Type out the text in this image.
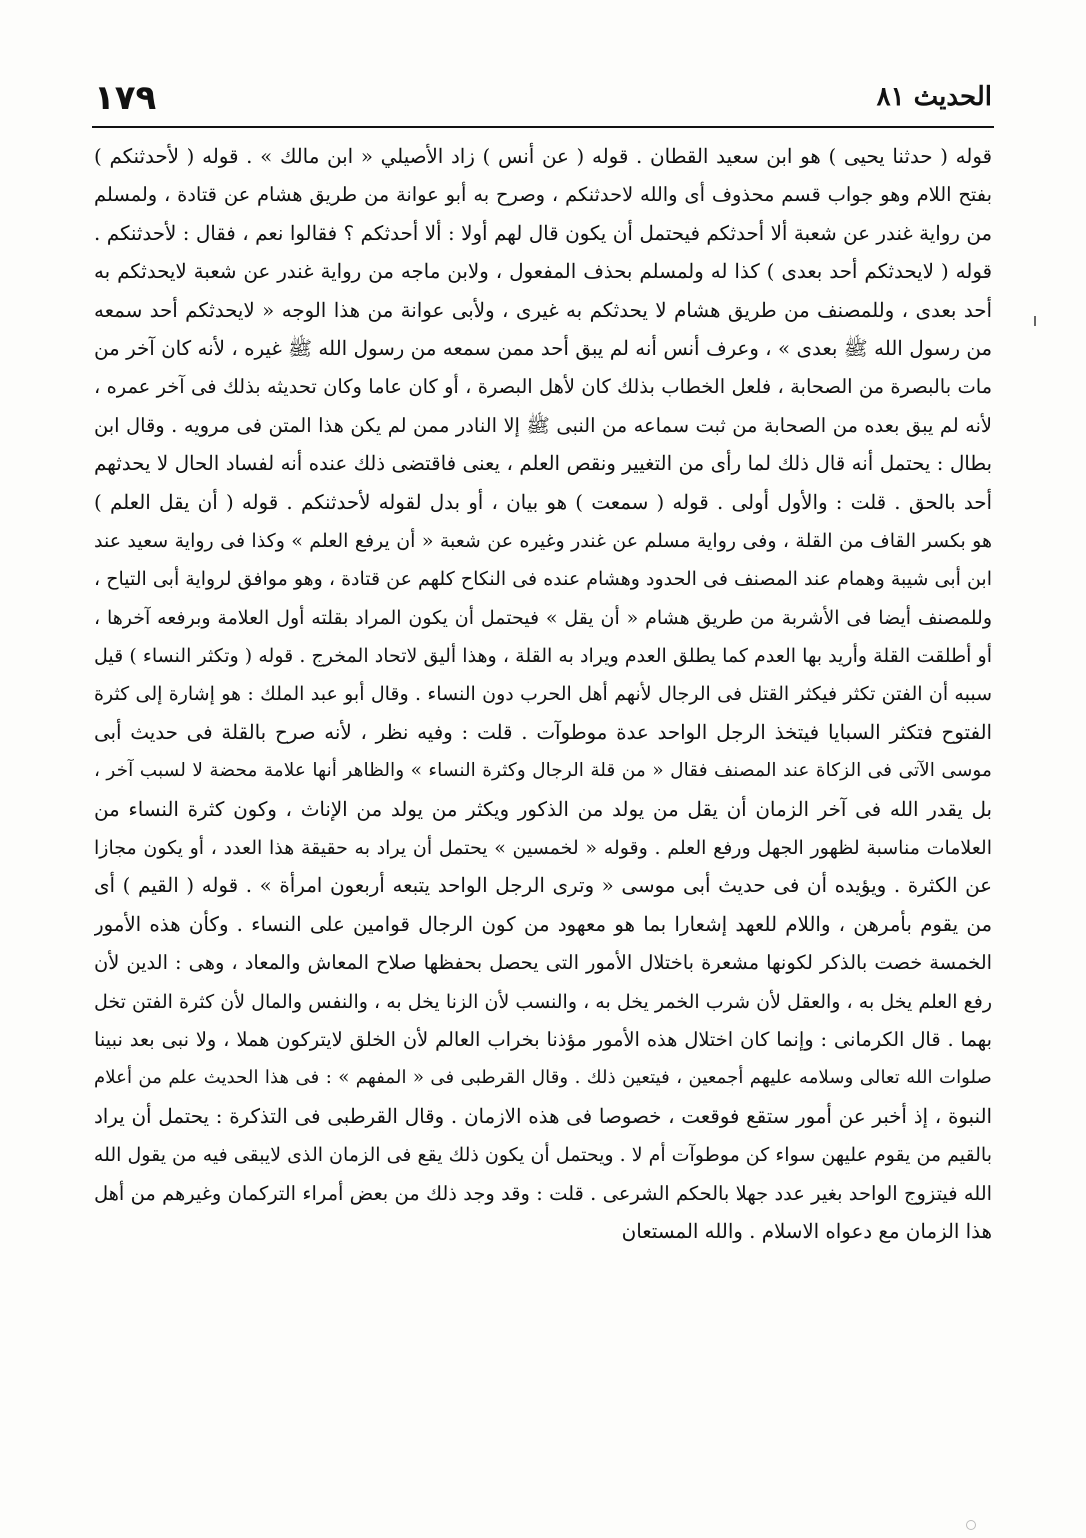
الحديث ٨١
١٧٩
قوله ( حدثنا يحيى ) هو ابن سعيد القطان . قوله ( عن أنس ) زاد الأصيلي « ابن مالك » . قوله ( لأحدثنكم )
بفتح اللام وهو جواب قسم محذوف أى والله لاحدثنكم ، وصرح به أبو عوانة من طريق هشام عن قتادة ، ولمسلم
من رواية غندر عن شعبة ألا أحدثكم فيحتمل أن يكون قال لهم أولا : ألا أحدثكم ؟ فقالوا نعم ، فقال : لأحدثنكم .
قوله ( لايحدثكم أحد بعدى ) كذا له ولمسلم بحذف المفعول ، ولابن ماجه من رواية غندر عن شعبة لايحدثكم به
أحد بعدى ، وللمصنف من طريق هشام لا يحدثكم به غيرى ، ولأبى عوانة من هذا الوجه « لايحدثكم أحد سمعه
من رسول الله ﷺ بعدى » ، وعرف أنس أنه لم يبق أحد ممن سمعه من رسول الله ﷺ غيره ، لأنه كان آخر من
مات بالبصرة من الصحابة ، فلعل الخطاب بذلك كان لأهل البصرة ، أو كان عاما وكان تحديثه بذلك فى آخر عمره ،
لأنه لم يبق بعده من الصحابة من ثبت سماعه من النبى ﷺ إلا النادر ممن لم يكن هذا المتن فى مرويه . وقال ابن
بطال : يحتمل أنه قال ذلك لما رأى من التغيير ونقص العلم ، يعنى فاقتضى ذلك عنده أنه لفساد الحال لا يحدثهم
أحد بالحق . قلت : والأول أولى . قوله ( سمعت ) هو بيان ، أو بدل لقوله لأحدثنكم . قوله ( أن يقل العلم )
هو بكسر القاف من القلة ، وفى رواية مسلم عن غندر وغيره عن شعبة « أن يرفع العلم » وكذا فى رواية سعيد عند
ابن أبى شيبة وهمام عند المصنف فى الحدود وهشام عنده فى النكاح كلهم عن قتادة ، وهو موافق لرواية أبى التياح ،
وللمصنف أيضا فى الأشربة من طريق هشام « أن يقل » فيحتمل أن يكون المراد بقلته أول العلامة وبرفعه آخرها ،
أو أطلقت القلة وأريد بها العدم كما يطلق العدم ويراد به القلة ، وهذا أليق لاتحاد المخرج . قوله ( وتكثر النساء ) قيل
سببه أن الفتن تكثر فيكثر القتل فى الرجال لأنهم أهل الحرب دون النساء . وقال أبو عبد الملك : هو إشارة إلى كثرة
الفتوح فتكثر السبايا فيتخذ الرجل الواحد عدة موطوآت . قلت : وفيه نظر ، لأنه صرح بالقلة فى حديث أبى
موسى الآتى فى الزكاة عند المصنف فقال « من قلة الرجال وكثرة النساء » والظاهر أنها علامة محضة لا لسبب آخر ،
بل يقدر الله فى آخر الزمان أن يقل من يولد من الذكور ويكثر من يولد من الإناث ، وكون كثرة النساء من
العلامات مناسبة لظهور الجهل ورفع العلم . وقوله « لخمسين » يحتمل أن يراد به حقيقة هذا العدد ، أو يكون مجازا
عن الكثرة . ويؤيده أن فى حديث أبى موسى « وترى الرجل الواحد يتبعه أربعون امرأة » . قوله ( القيم ) أى
من يقوم بأمرهن ، واللام للعهد إشعارا بما هو معهود من كون الرجال قوامين على النساء . وكأن هذه الأمور
الخمسة خصت بالذكر لكونها مشعرة باختلال الأمور التى يحصل بحفظها صلاح المعاش والمعاد ، وهى : الدين لأن
رفع العلم يخل به ، والعقل لأن شرب الخمر يخل به ، والنسب لأن الزنا يخل به ، والنفس والمال لأن كثرة الفتن تخل
بهما . قال الكرمانى : وإنما كان اختلال هذه الأمور مؤذنا بخراب العالم لأن الخلق لايتركون هملا ، ولا نبى بعد نبينا
صلوات الله تعالى وسلامه عليهم أجمعين ، فيتعين ذلك . وقال القرطبى فى « المفهم » : فى هذا الحديث علم من أعلام
النبوة ، إذ أخبر عن أمور ستقع فوقعت ، خصوصا فى هذه الازمان . وقال القرطبى فى التذكرة : يحتمل أن يراد
بالقيم من يقوم عليهن سواء كن موطوآت أم لا . ويحتمل أن يكون ذلك يقع فى الزمان الذى لايبقى فيه من يقول الله
الله فيتزوج الواحد بغير عدد جهلا بالحكم الشرعى . قلت : وقد وجد ذلك من بعض أمراء التركمان وغيرهم من أهل
هذا الزمان مع دعواه الاسلام . والله المستعان
